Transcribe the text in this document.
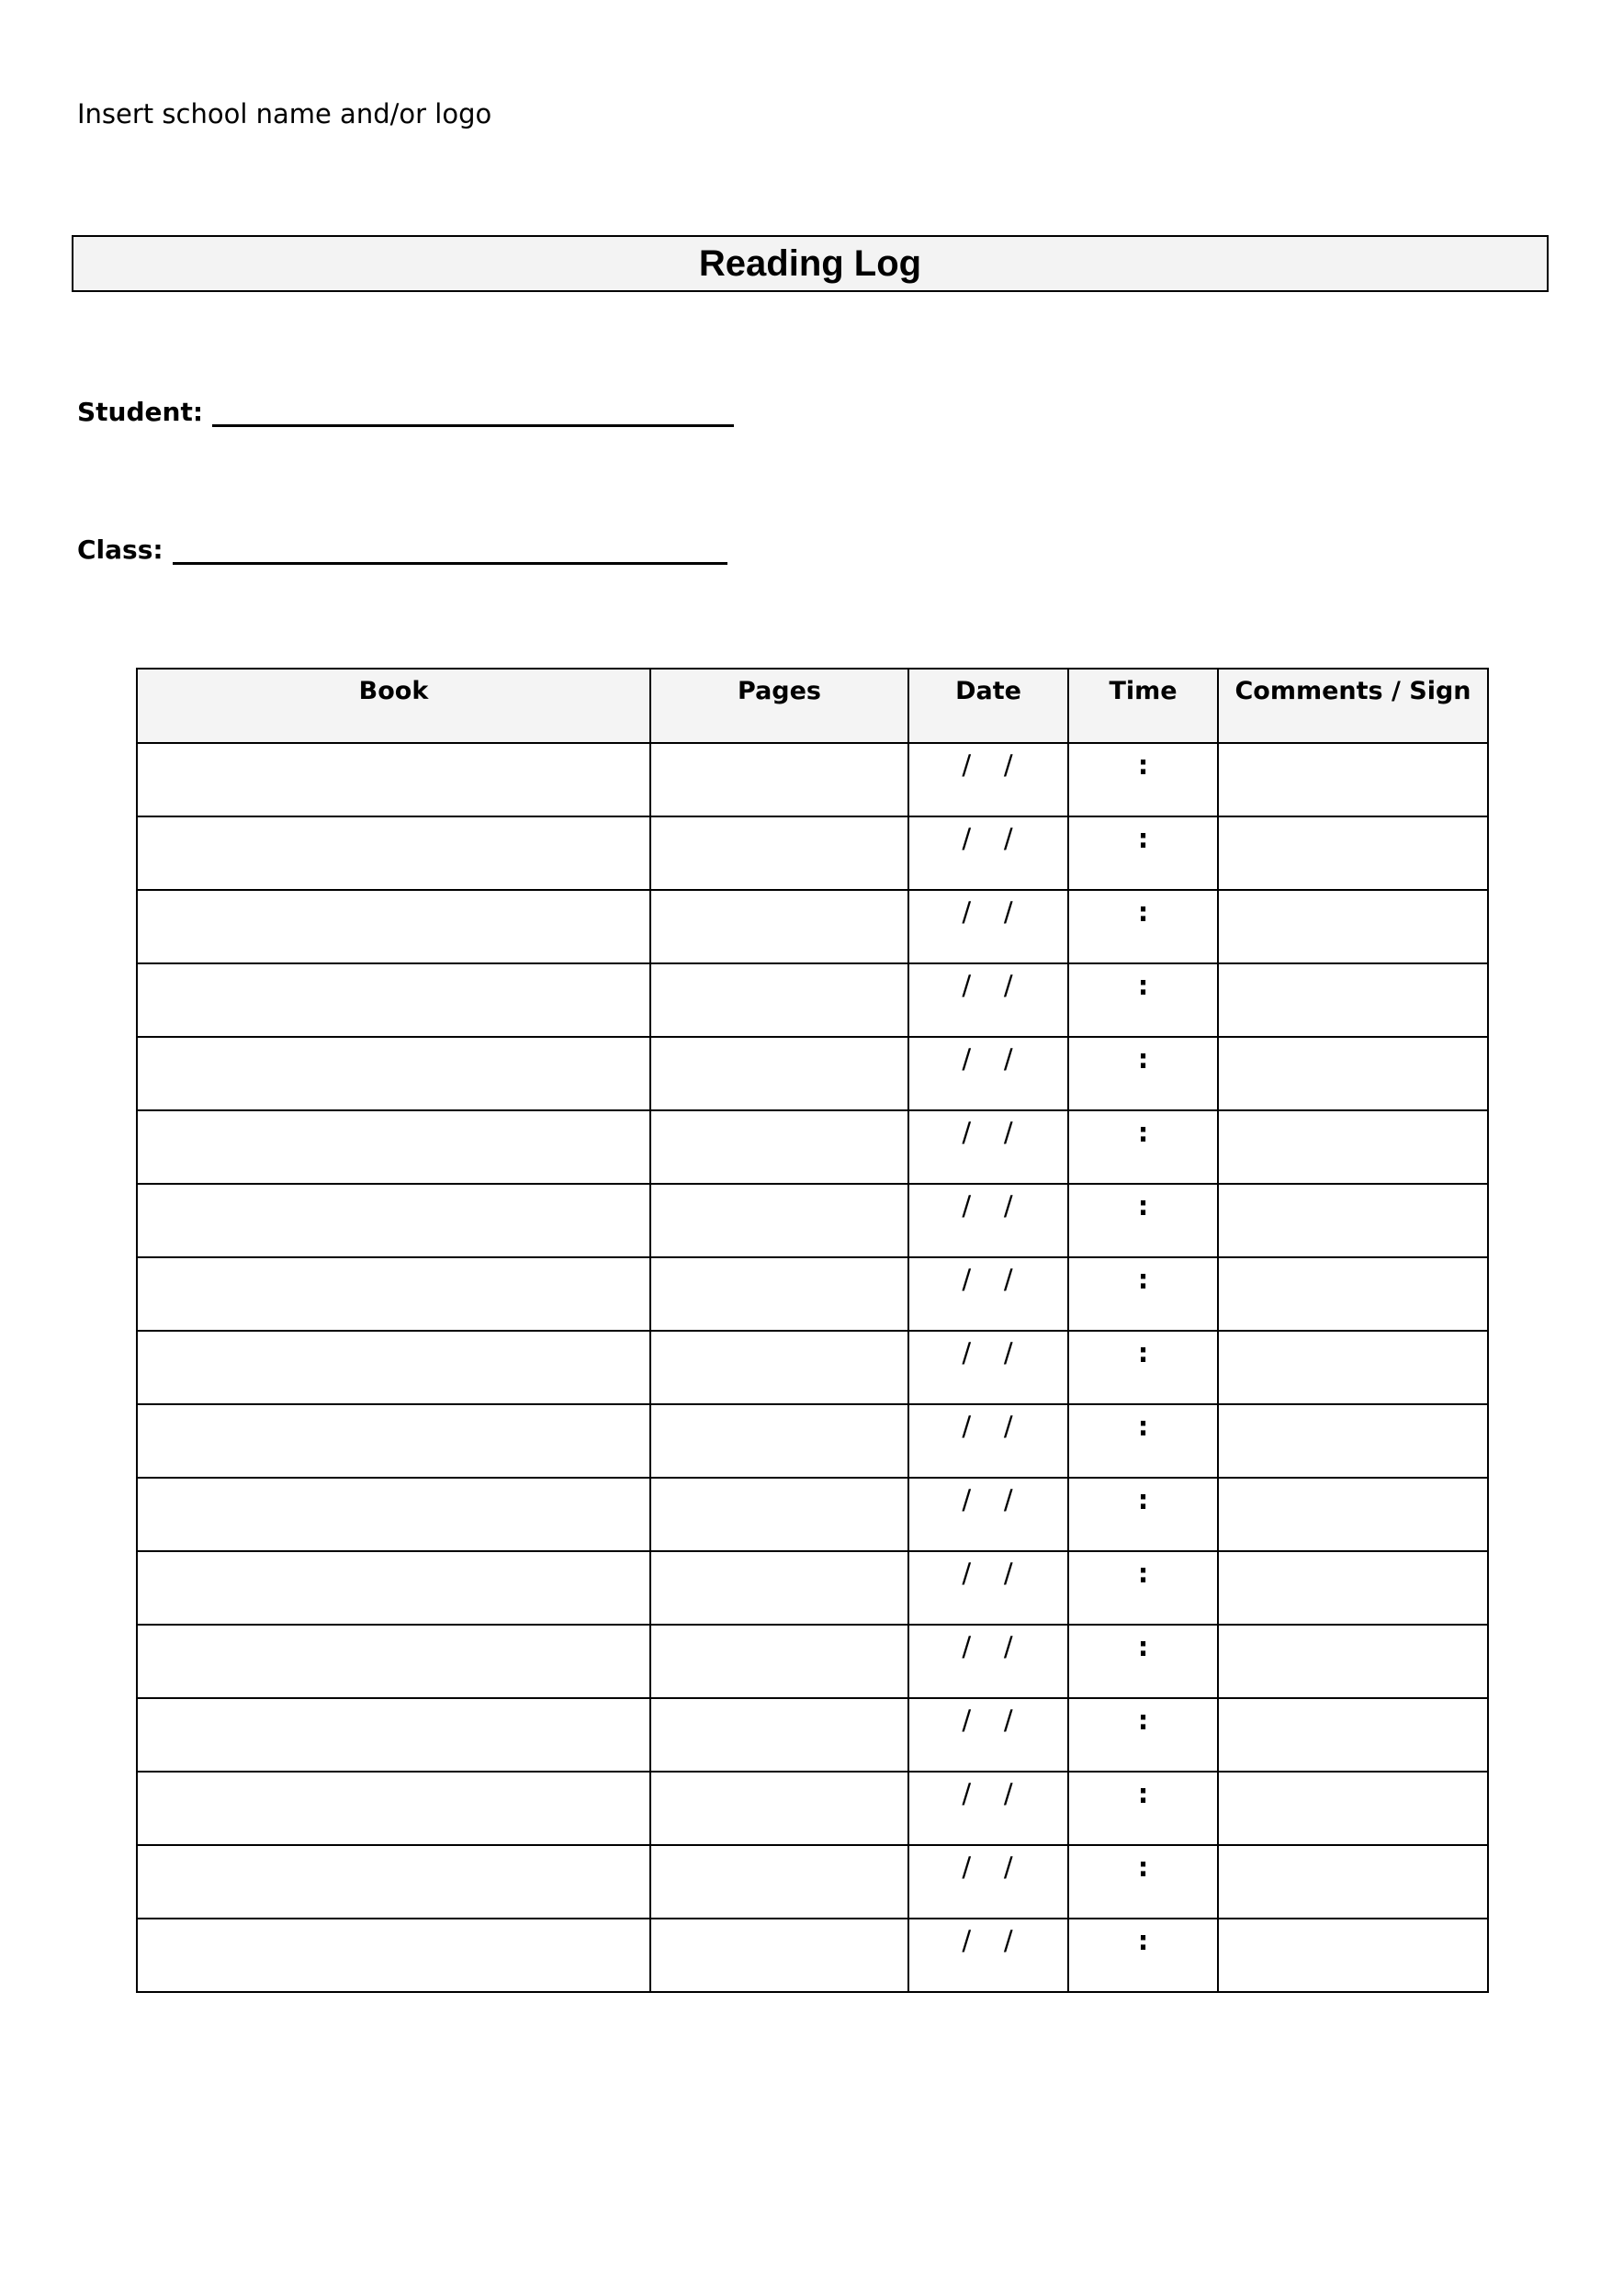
Insert school name and/or logo
Reading Log
Student:
Class:
Book	Pages	Date	Time	Comments / Sign
		/   /	:	
		/   /	:	
		/   /	:	
		/   /	:	
		/   /	:	
		/   /	:	
		/   /	:	
		/   /	:	
		/   /	:	
		/   /	:	
		/   /	:	
		/   /	:	
		/   /	:	
		/   /	:	
		/   /	:	
		/   /	:	
		/   /	:	
